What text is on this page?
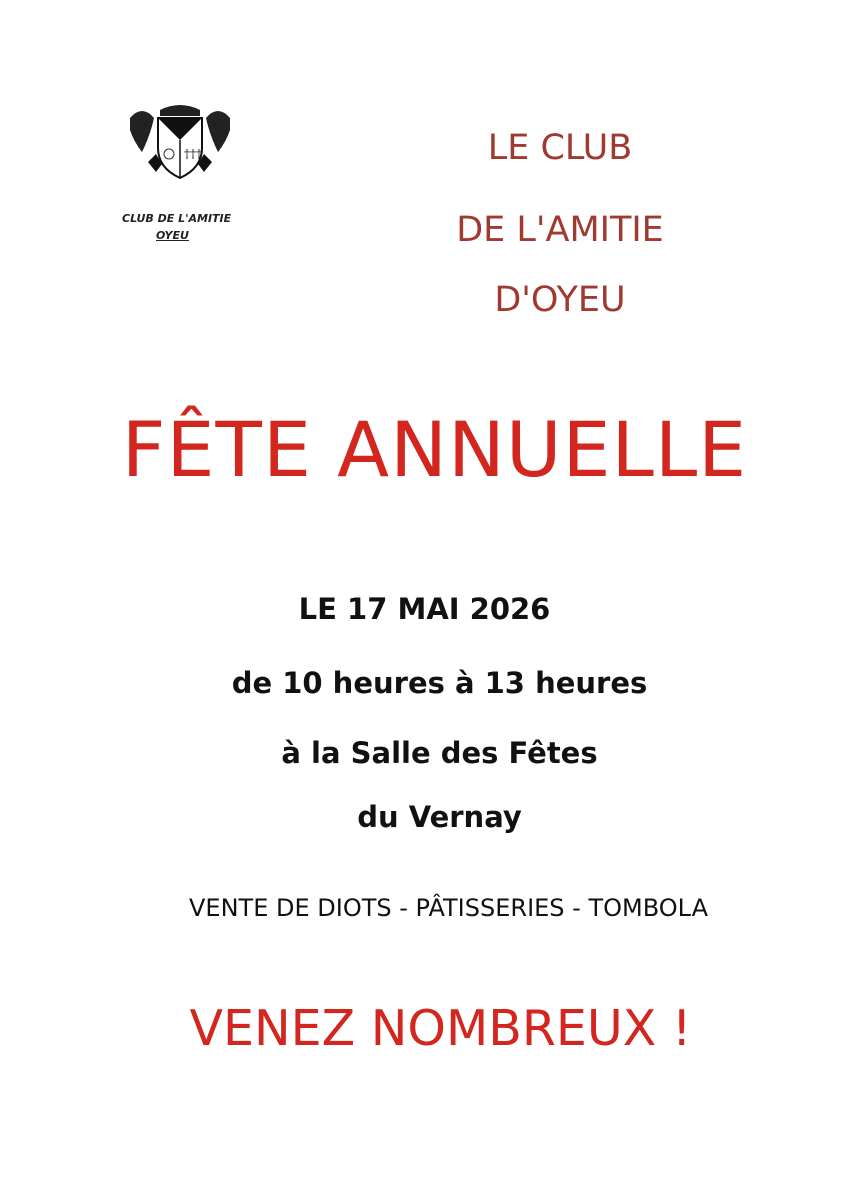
†††
CLUB DE L'AMITIE
OYEU
LE CLUB
DE L'AMITIE
D'OYEU
FÊTE ANNUELLE
LE 17 MAI 2026
de 10 heures à 13 heures
à la Salle des Fêtes
du Vernay
VENTE DE DIOTS - PÂTISSERIES - TOMBOLA
VENEZ NOMBREUX !
